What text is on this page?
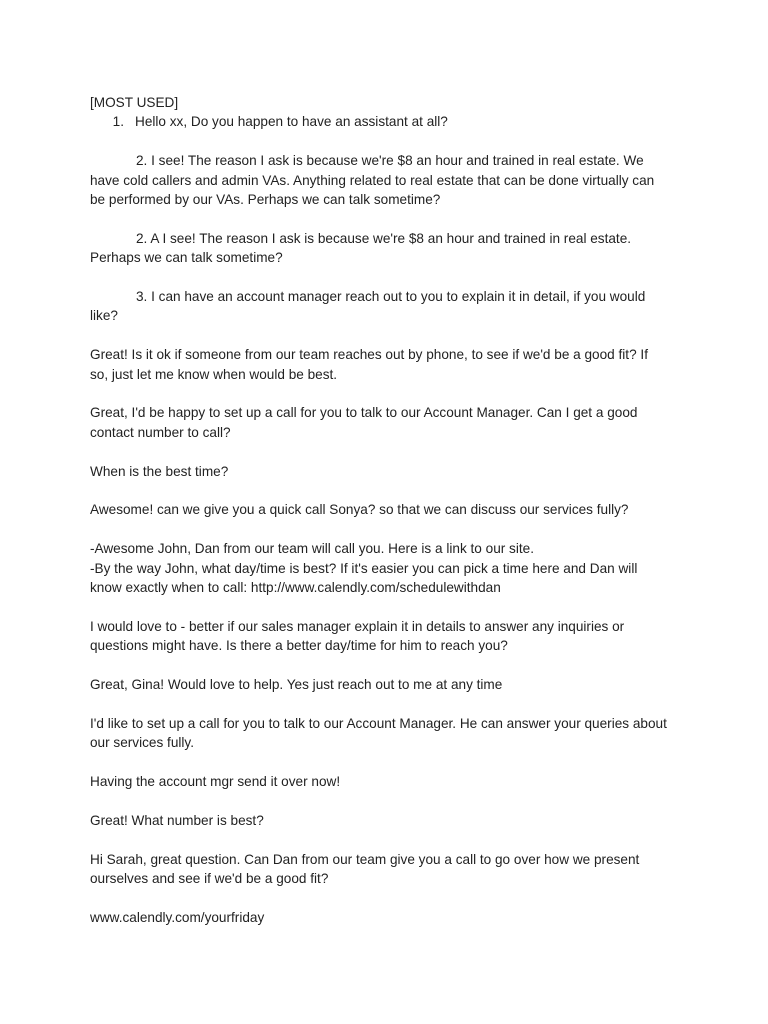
[MOST USED]

1. Hello xx, Do you happen to have an assistant at all?

2. I see! The reason I ask is because we're $8 an hour and trained in real estate. We have cold callers and admin VAs. Anything related to real estate that can be done virtually can be performed by our VAs. Perhaps we can talk sometime?

2. A I see! The reason I ask is because we're $8 an hour and trained in real estate. Perhaps we can talk sometime?

3. I can have an account manager reach out to you to explain it in detail, if you would like?

Great! Is it ok if someone from our team reaches out by phone, to see if we'd be a good fit? If so, just let me know when would be best.

Great, I'd be happy to set up a call for you to talk to our Account Manager. Can I get a good contact number to call?

When is the best time?

Awesome! can we give you a quick call Sonya? so that we can discuss our services fully?

-Awesome John, Dan from our team will call you. Here is a link to our site.

-By the way John, what day/time is best? If it's easier you can pick a time here and Dan will know exactly when to call: http://www.calendly.com/schedulewithdan

I would love to - better if our sales manager explain it in details to answer any inquiries or questions might have. Is there a better day/time for him to reach you?

Great, Gina! Would love to help. Yes just reach out to me at any time

I'd like to set up a call for you to talk to our Account Manager. He can answer your queries about our services fully.

Having the account mgr send it over now!

Great! What number is best?

Hi Sarah, great question. Can Dan from our team give you a call to go over how we present ourselves and see if we'd be a good fit?

www.calendly.com/yourfriday
